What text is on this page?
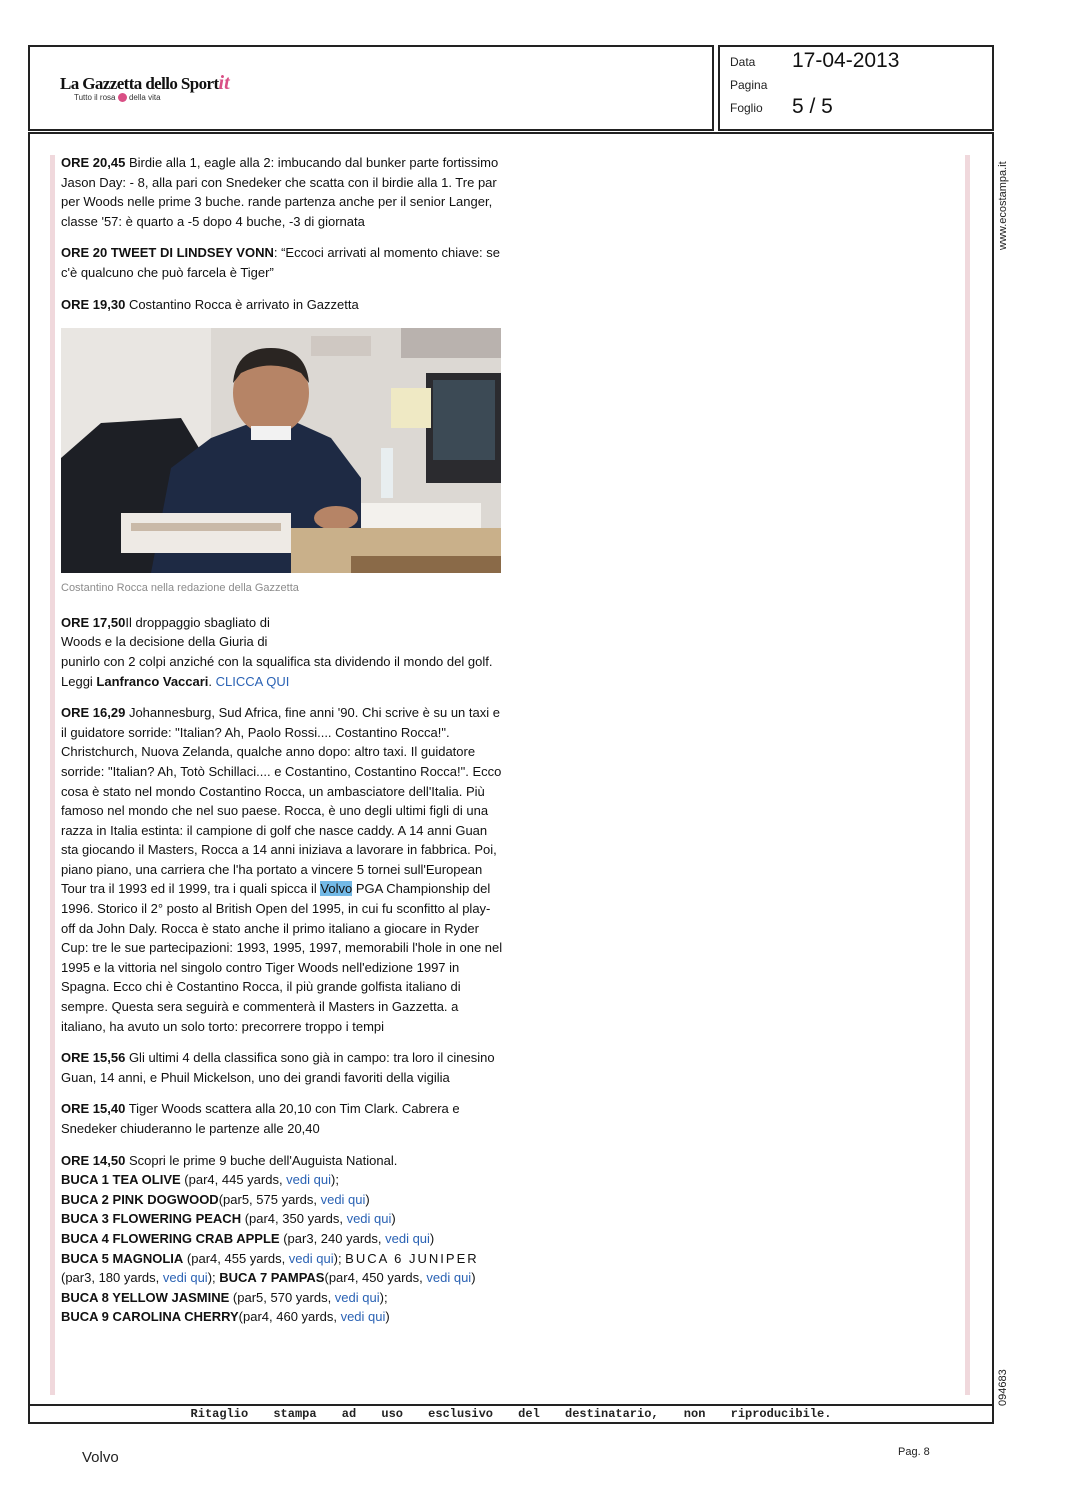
La Gazzetta dello Sportit
Tutto il rosa della vita
Data 17-04-2013
Pagina
Foglio 5 / 5
www.ecostampa.it
094683

ORE 20,45 Birdie alla 1, eagle alla 2: imbucando dal bunker parte fortissimo Jason Day: - 8, alla pari con Snedeker che scatta con il birdie alla 1. Tre par per Woods nelle prime 3 buche. rande partenza anche per il senior Langer, classe '57: è quarto a -5 dopo 4 buche, -3 di giornata

ORE 20 TWEET DI LINDSEY VONN: “Eccoci arrivati al momento chiave: se c'è qualcuno che può farcela è Tiger”

ORE 19,30 Costantino Rocca è arrivato in Gazzetta

Costantino Rocca nella redazione della Gazzetta

ORE 17,50Il droppaggio sbagliato di
Woods e la decisione della Giuria di
punirlo con 2 colpi anziché con la squalifica sta dividendo il mondo del golf. Leggi Lanfranco Vaccari. CLICCA QUI

ORE 16,29 Johannesburg, Sud Africa, fine anni '90. Chi scrive è su un taxi e il guidatore sorride: "Italian? Ah, Paolo Rossi.... Costantino Rocca!". Christchurch, Nuova Zelanda, qualche anno dopo: altro taxi. Il guidatore sorride: "Italian? Ah, Totò Schillaci.... e Costantino, Costantino Rocca!". Ecco cosa è stato nel mondo Costantino Rocca, un ambasciatore dell'Italia. Più famoso nel mondo che nel suo paese. Rocca, è uno degli ultimi figli di una razza in Italia estinta: il campione di golf che nasce caddy. A 14 anni Guan sta giocando il Masters, Rocca a 14 anni iniziava a lavorare in fabbrica. Poi, piano piano, una carriera che l'ha portato a vincere 5 tornei sull'European Tour tra il 1993 ed il 1999, tra i quali spicca il Volvo PGA Championship del 1996. Storico il 2° posto al British Open del 1995, in cui fu sconfitto al play-off da John Daly. Rocca è stato anche il primo italiano a giocare in Ryder Cup: tre le sue partecipazioni: 1993, 1995, 1997, memorabili l'hole in one nel 1995 e la vittoria nel singolo contro Tiger Woods nell'edizione 1997 in Spagna. Ecco chi è Costantino Rocca, il più grande golfista italiano di sempre. Questa sera seguirà e commenterà il Masters in Gazzetta. a italiano, ha avuto un solo torto: precorrere troppo i tempi

ORE 15,56 Gli ultimi 4 della classifica sono già in campo: tra loro il cinesino Guan, 14 anni, e Phuil Mickelson, uno dei grandi favoriti della vigilia

ORE 15,40 Tiger Woods scattera alla 20,10 con Tim Clark. Cabrera e Snedeker chiuderanno le partenze alle 20,40

ORE 14,50 Scopri le prime 9 buche dell'Auguista National.
BUCA 1 TEA OLIVE (par4, 445 yards, vedi qui);
BUCA 2 PINK DOGWOOD(par5, 575 yards, vedi qui)
BUCA 3 FLOWERING PEACH (par4, 350 yards, vedi qui)
BUCA 4 FLOWERING CRAB APPLE (par3, 240 yards, vedi qui)
BUCA 5 MAGNOLIA (par4, 455 yards, vedi qui); BUCA 6 JUNIPER
(par3, 180 yards, vedi qui); BUCA 7 PAMPAS(par4, 450 yards, vedi qui)
BUCA 8 YELLOW JASMINE (par5, 570 yards, vedi qui);
BUCA 9 CAROLINA CHERRY(par4, 460 yards, vedi qui)
Ritaglio stampa ad uso esclusivo del destinatario, non riproducibile.
Volvo	Pag. 8
